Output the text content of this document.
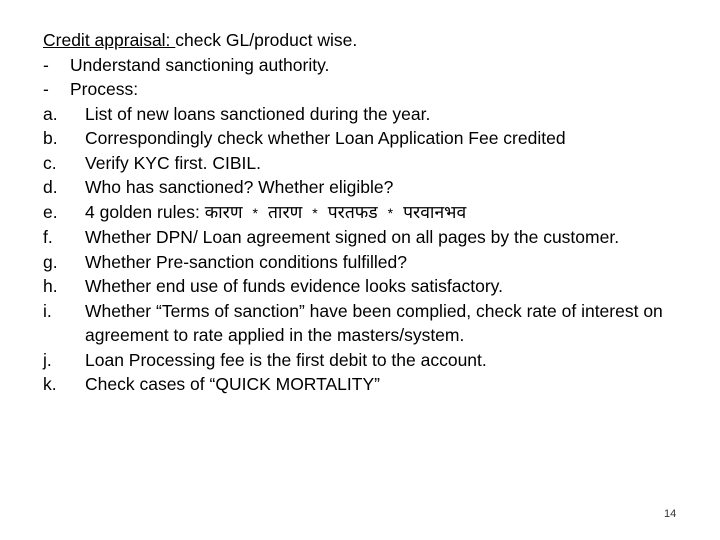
Credit appraisal: check GL/product wise.
-	Understand sanctioning authority.
-	Process:
a.	List of new loans sanctioned during the year.
b.	Correspondingly check whether Loan Application Fee credited
c.	Verify KYC first. CIBIL.
d.	Who has sanctioned? Whether eligible?
e.	4 golden rules: कारण * तारण * परतफड * परवानभव
f.	Whether DPN/ Loan agreement signed on all pages by the customer.
g.	Whether Pre-sanction conditions fulfilled?
h.	Whether end use of funds evidence looks satisfactory.
i.	Whether “Terms of sanction” have been complied, check rate of interest on agreement to rate applied in the masters/system.
j.	Loan Processing fee is the first debit to the account.
k.	Check cases of “QUICK MORTALITY”
14
